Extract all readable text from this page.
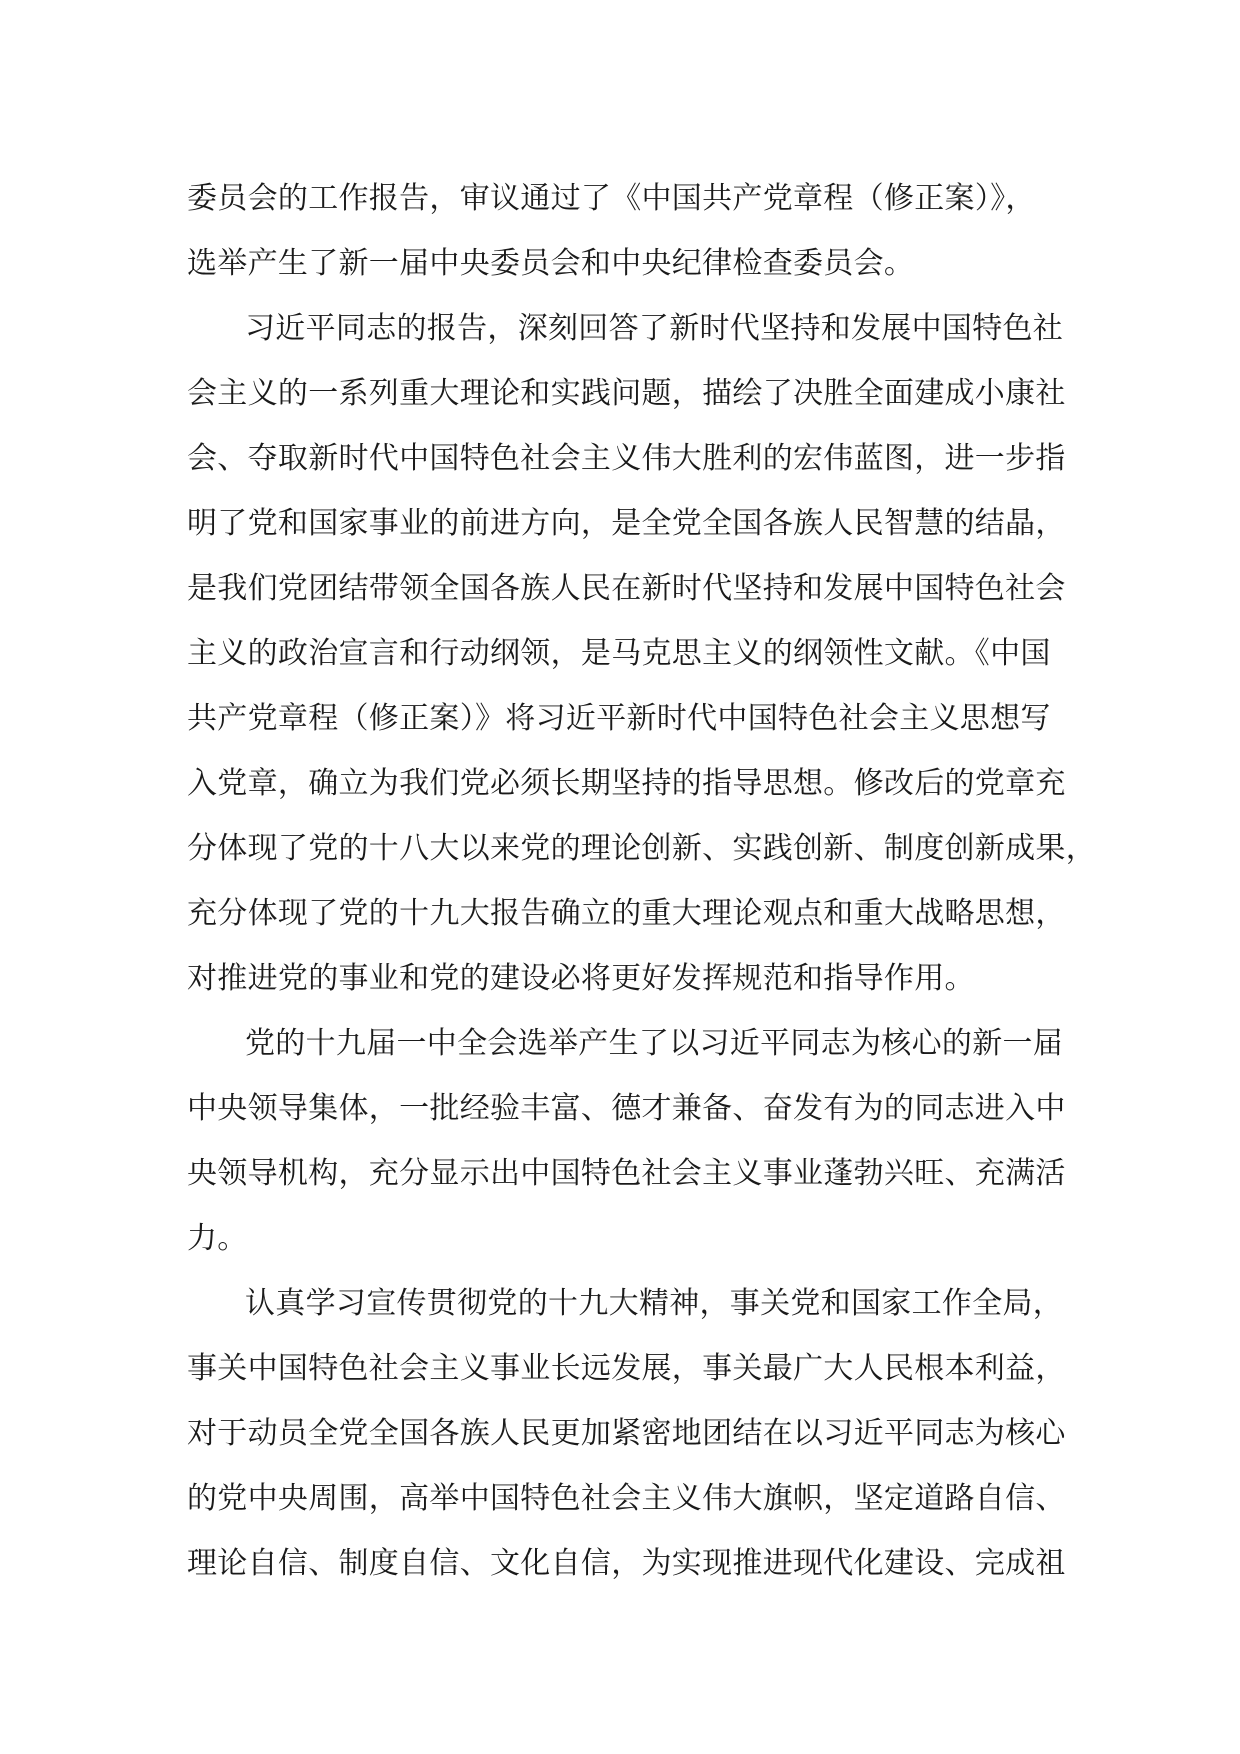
委员会的工作报告，审议通过了《中国共产党章程（修正案）》，
选举产生了新一届中央委员会和中央纪律检查委员会。
习近平同志的报告，深刻回答了新时代坚持和发展中国特色社
会主义的一系列重大理论和实践问题，描绘了决胜全面建成小康社
会、夺取新时代中国特色社会主义伟大胜利的宏伟蓝图，进一步指
明了党和国家事业的前进方向，是全党全国各族人民智慧的结晶，
是我们党团结带领全国各族人民在新时代坚持和发展中国特色社会
主义的政治宣言和行动纲领，是马克思主义的纲领性文献。《中国
共产党章程（修正案）》将习近平新时代中国特色社会主义思想写
入党章，确立为我们党必须长期坚持的指导思想。修改后的党章充
分体现了党的十八大以来党的理论创新、实践创新、制度创新成果，
充分体现了党的十九大报告确立的重大理论观点和重大战略思想，
对推进党的事业和党的建设必将更好发挥规范和指导作用。
党的十九届一中全会选举产生了以习近平同志为核心的新一届
中央领导集体，一批经验丰富、德才兼备、奋发有为的同志进入中
央领导机构，充分显示出中国特色社会主义事业蓬勃兴旺、充满活
力。
认真学习宣传贯彻党的十九大精神，事关党和国家工作全局，
事关中国特色社会主义事业长远发展，事关最广大人民根本利益，
对于动员全党全国各族人民更加紧密地团结在以习近平同志为核心
的党中央周围，高举中国特色社会主义伟大旗帜，坚定道路自信、
理论自信、制度自信、文化自信，为实现推进现代化建设、完成祖
